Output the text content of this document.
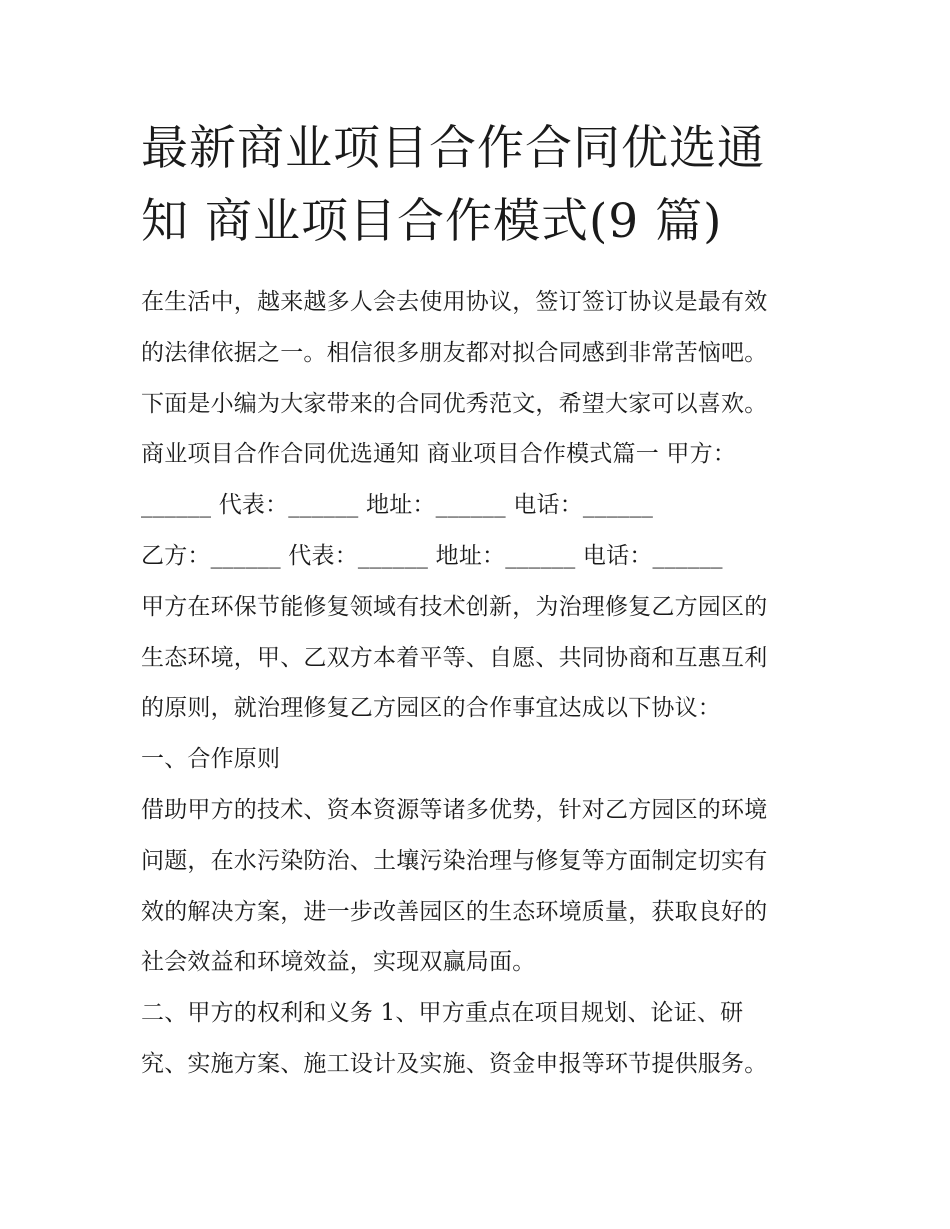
最新商业项目合作合同优选通
知 商业项目合作模式(9 篇)
在生活中，越来越多人会去使用协议，签订签订协议是最有效
的法律依据之一。相信很多朋友都对拟合同感到非常苦恼吧。
下面是小编为大家带来的合同优秀范文，希望大家可以喜欢。
商业项目合作合同优选通知 商业项目合作模式篇一 甲方：
______ 代表：______ 地址：______ 电话：______
乙方：______ 代表：______ 地址：______ 电话：______
甲方在环保节能修复领域有技术创新，为治理修复乙方园区的
生态环境，甲、乙双方本着平等、自愿、共同协商和互惠互利
的原则，就治理修复乙方园区的合作事宜达成以下协议：
一、合作原则
借助甲方的技术、资本资源等诸多优势，针对乙方园区的环境
问题，在水污染防治、土壤污染治理与修复等方面制定切实有
效的解决方案，进一步改善园区的生态环境质量，获取良好的
社会效益和环境效益，实现双赢局面。
二、甲方的权利和义务 1、甲方重点在项目规划、论证、研
究、实施方案、施工设计及实施、资金申报等环节提供服务。
